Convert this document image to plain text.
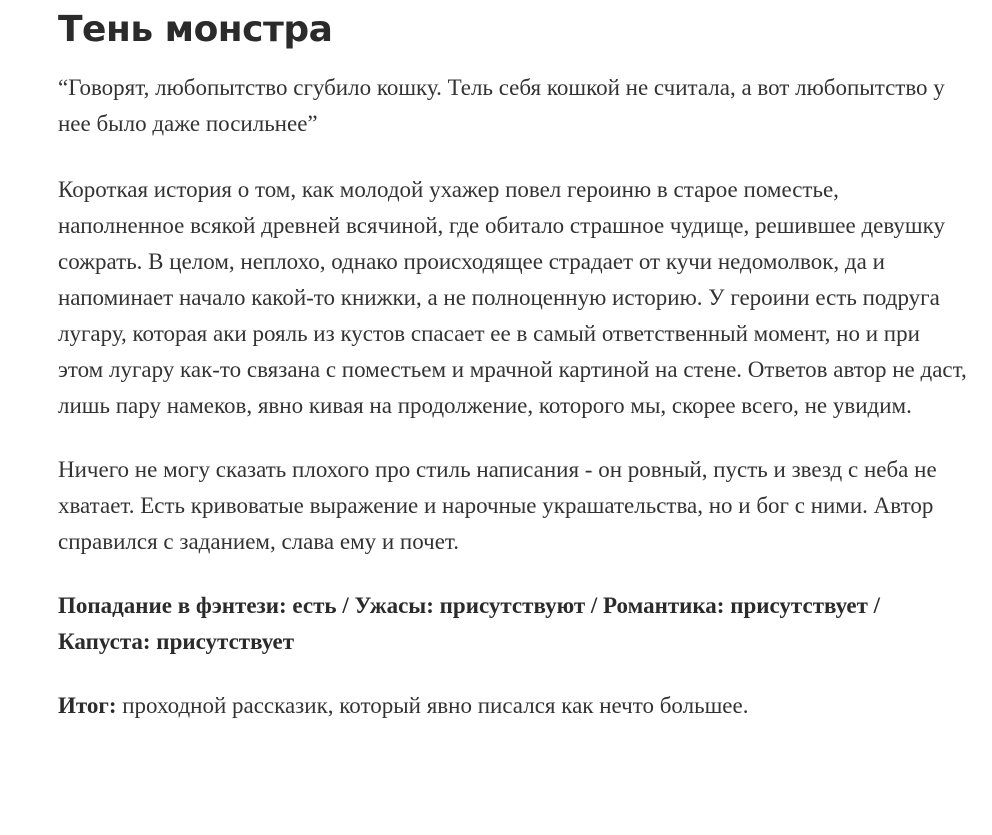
Тень монстра

“Говорят, любопытство сгубило кошку. Тель себя кошкой не считала, а вот любопытство у нее было даже посильнее”

Короткая история о том, как молодой ухажер повел героиню в старое поместье, наполненное всякой древней всячиной, где обитало страшное чудище, решившее девушку сожрать. В целом, неплохо, однако происходящее страдает от кучи недомолвок, да и напоминает начало какой-то книжки, а не полноценную историю. У героини есть подруга лугару, которая аки рояль из кустов спасает ее в самый ответственный момент, но и при этом лугару как-то связана с поместьем и мрачной картиной на стене. Ответов автор не даст, лишь пару намеков, явно кивая на продолжение, которого мы, скорее всего, не увидим.

Ничего не могу сказать плохого про стиль написания - он ровный, пусть и звезд с неба не хватает. Есть кривоватые выражение и нарочные украшательства, но и бог с ними. Автор справился с заданием, слава ему и почет.

Попадание в фэнтези: есть / Ужасы: присутствуют / Романтика: присутствует / Капуста: присутствует

Итог: проходной рассказик, который явно писался как нечто большее.
